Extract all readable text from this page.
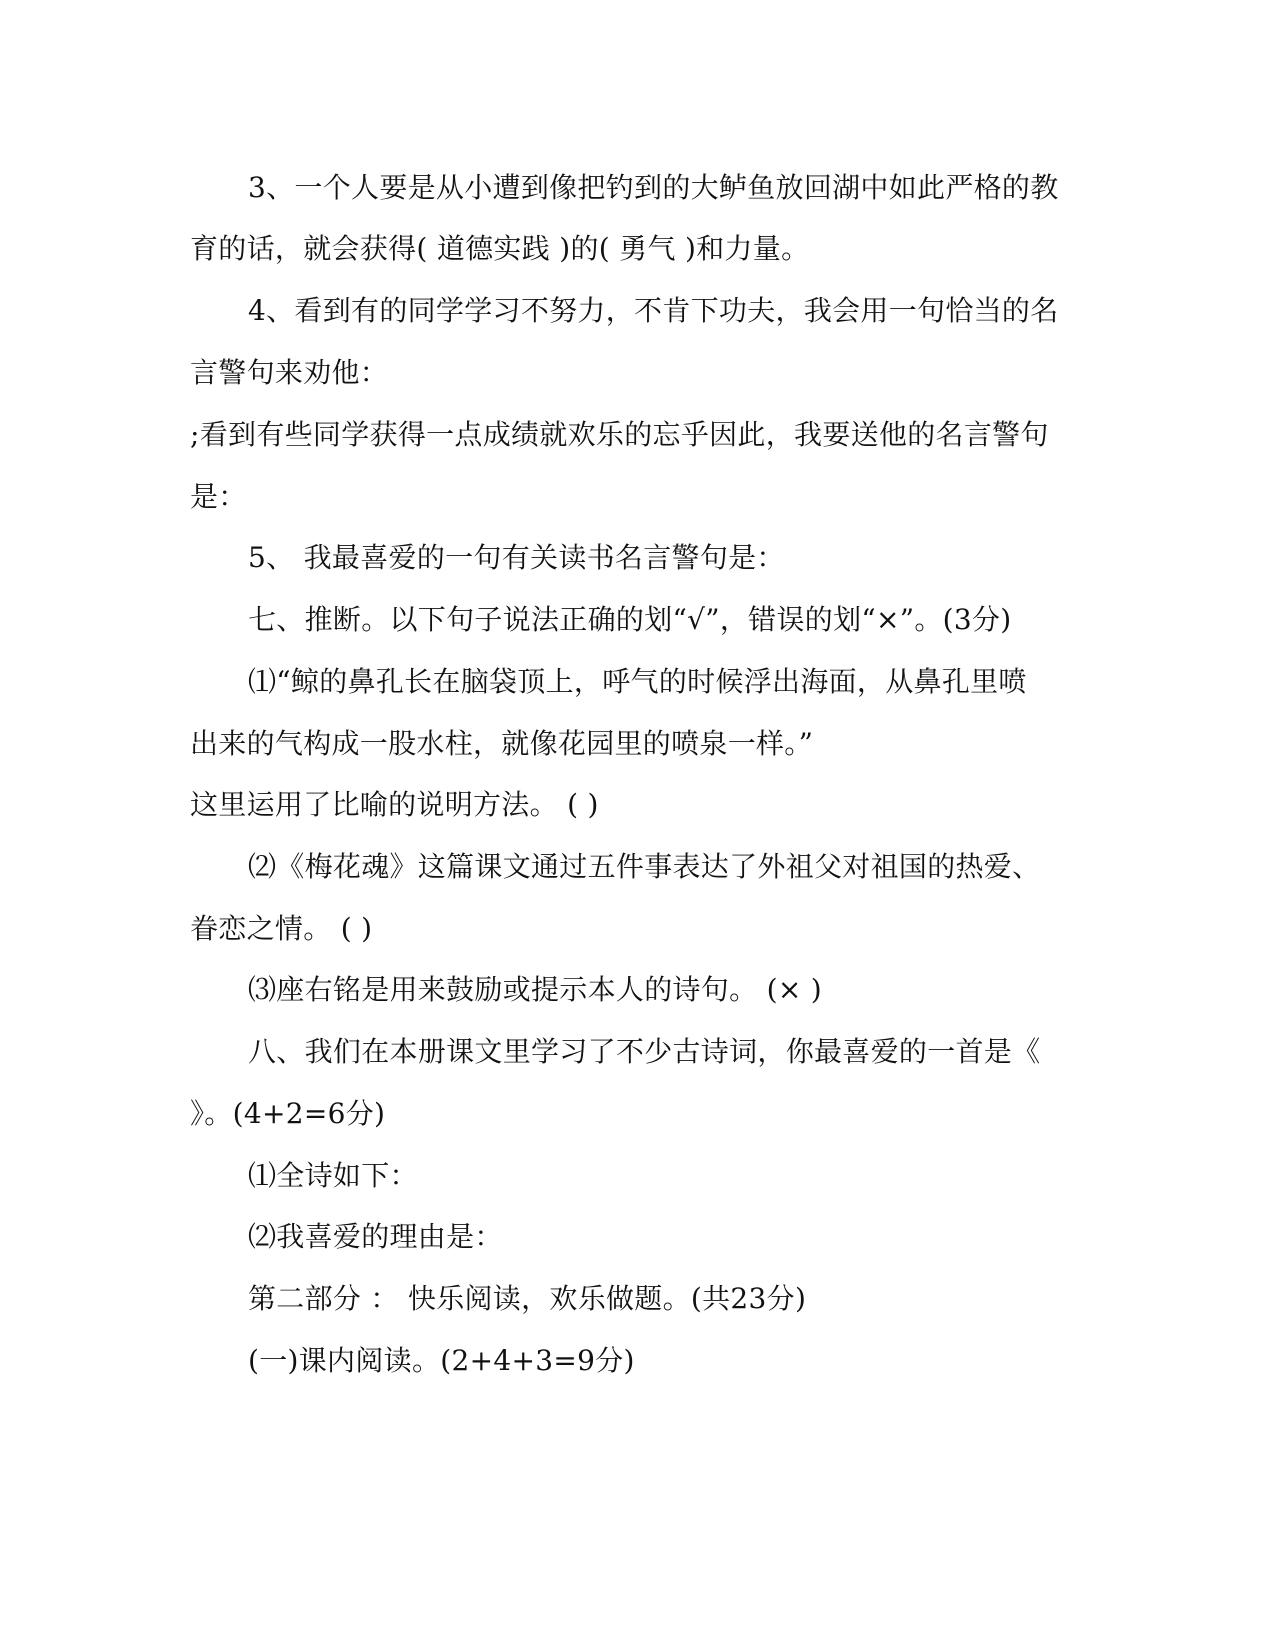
3、一个人要是从小遭到像把钓到的大鲈鱼放回湖中如此严格的教
育的话，就会获得( 道德实践 )的( 勇气 )和力量。
4、看到有的同学学习不努力，不肯下功夫，我会用一句恰当的名
言警句来劝他：
;看到有些同学获得一点成绩就欢乐的忘乎因此，我要送他的名言警句
是：
5、 我最喜爱的一句有关读书名言警句是：
七、推断。以下句子说法正确的划“√”，错误的划“×”。(3分)
⑴“鲸的鼻孔长在脑袋顶上，呼气的时候浮出海面，从鼻孔里喷
出来的气构成一股水柱，就像花园里的喷泉一样。”
这里运用了比喻的说明方法。 ( )
⑵《梅花魂》这篇课文通过五件事表达了外祖父对祖国的热爱、
眷恋之情。 ( )
⑶座右铭是用来鼓励或提示本人的诗句。 (× )
八、我们在本册课文里学习了不少古诗词，你最喜爱的一首是《
》。(4+2=6分)
⑴全诗如下：
⑵我喜爱的理由是：
第二部分 ： 快乐阅读，欢乐做题。(共23分)
(一)课内阅读。(2+4+3=9分)
